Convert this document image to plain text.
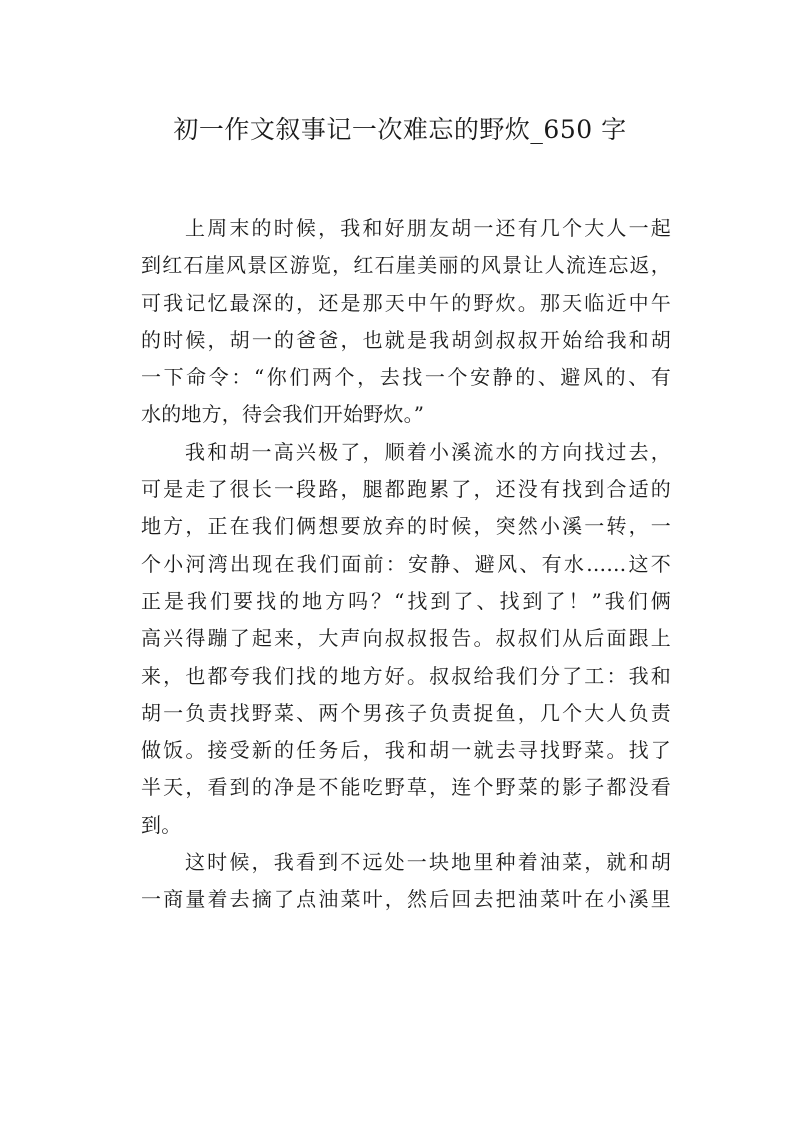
初一作文叙事记一次难忘的野炊_650 字
上周末的时候，我和好朋友胡一还有几个大人一起
到红石崖风景区游览，红石崖美丽的风景让人流连忘返，
可我记忆最深的，还是那天中午的野炊。那天临近中午
的时候，胡一的爸爸，也就是我胡剑叔叔开始给我和胡
一下命令：“你们两个，去找一个安静的、避风的、有
水的地方，待会我们开始野炊。”
我和胡一高兴极了，顺着小溪流水的方向找过去，
可是走了很长一段路，腿都跑累了，还没有找到合适的
地方，正在我们俩想要放弃的时候，突然小溪一转，一
个小河湾出现在我们面前：安静、避风、有水……这不
正是我们要找的地方吗？“找到了、找到了！”我们俩
高兴得蹦了起来，大声向叔叔报告。叔叔们从后面跟上
来，也都夸我们找的地方好。叔叔给我们分了工：我和
胡一负责找野菜、两个男孩子负责捉鱼，几个大人负责
做饭。接受新的任务后，我和胡一就去寻找野菜。找了
半天，看到的净是不能吃野草，连个野菜的影子都没看
到。
这时候，我看到不远处一块地里种着油菜，就和胡
一商量着去摘了点油菜叶，然后回去把油菜叶在小溪里
